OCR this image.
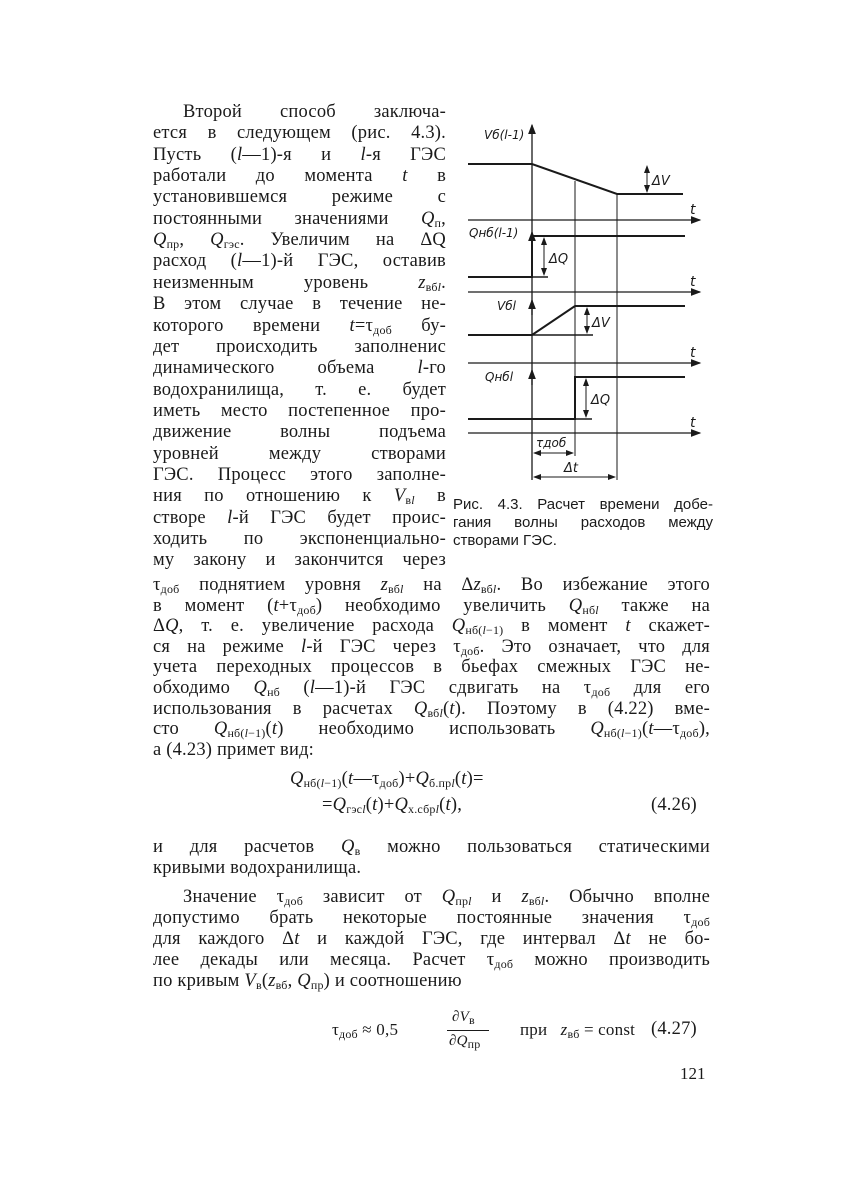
Второй способ заключа-
ется в следующем (рис. 4.3).
Пусть (l—1)-я и l-я ГЭС
работали до момента t в
установившемся режиме с
постоянными значениями Qп,
Qпр, Qгэс. Увеличим на ΔQ
расход (l—1)-й ГЭС, оставив
неизменным уровень zвбl.
В этом случае в течение не-
которого времени t=τдоб бу-
дет происходить заполненис
динамического объема l-го
водохранилища, т. е. будет
иметь место постепенное про-
движение волны подъема
уровней между створами
ГЭС. Процесс этого заполне-
ния по отношению к Vвl в
створе l-й ГЭС будет проис-
ходить по экспоненциально-
му закону и закончится через
τдоб поднятием уровня zвбl на Δzвбl. Во избежание этого
в момент (t+τдоб) необходимо увеличить Qнбl также на
ΔQ, т. е. увеличение расхода Qнб(l−1) в момент t скажет-
ся на режиме l-й ГЭС через τдоб. Это означает, что для
учета переходных процессов в бьефах смежных ГЭС не-
обходимо Qнб (l—1)-й ГЭС сдвигать на τдоб для его
использования в расчетах Qвбl(t). Поэтому в (4.22) вме-
сто Qнб(l−1)(t) необходимо использовать Qнб(l−1)(t—τдоб),
а (4.23) примет вид:
Qнб(l−1)(t—τдоб)+Qб.прl(t)=
=Qгэсl(t)+Qх.сбрl(t),	(4.26)
и для расчетов Qв можно пользоваться статическими
кривыми водохранилища.
Значение τдоб зависит от Qпрl и zвбl. Обычно вполне
допустимо брать некоторые постоянные значения τдоб
для каждого Δt и каждой ГЭС, где интервал Δt не бо-
лее декады или месяца. Расчет τдоб можно производить
по кривым Vв(zвб, Qпр) и соотношению
τдоб ≈ 0,5
$\partial V_в$
$\partial Q_{пр}$
при   zвб = const (4.27)
Vб(l-1)
Qнб(l-1)
Vбl
Qнбl
t
t
t
t
ΔV
ΔQ
ΔV
ΔQ
τдоб
Δt
Рис. 4.3. Расчет времени добе-
гания волны расходов между
створами ГЭС.
121
